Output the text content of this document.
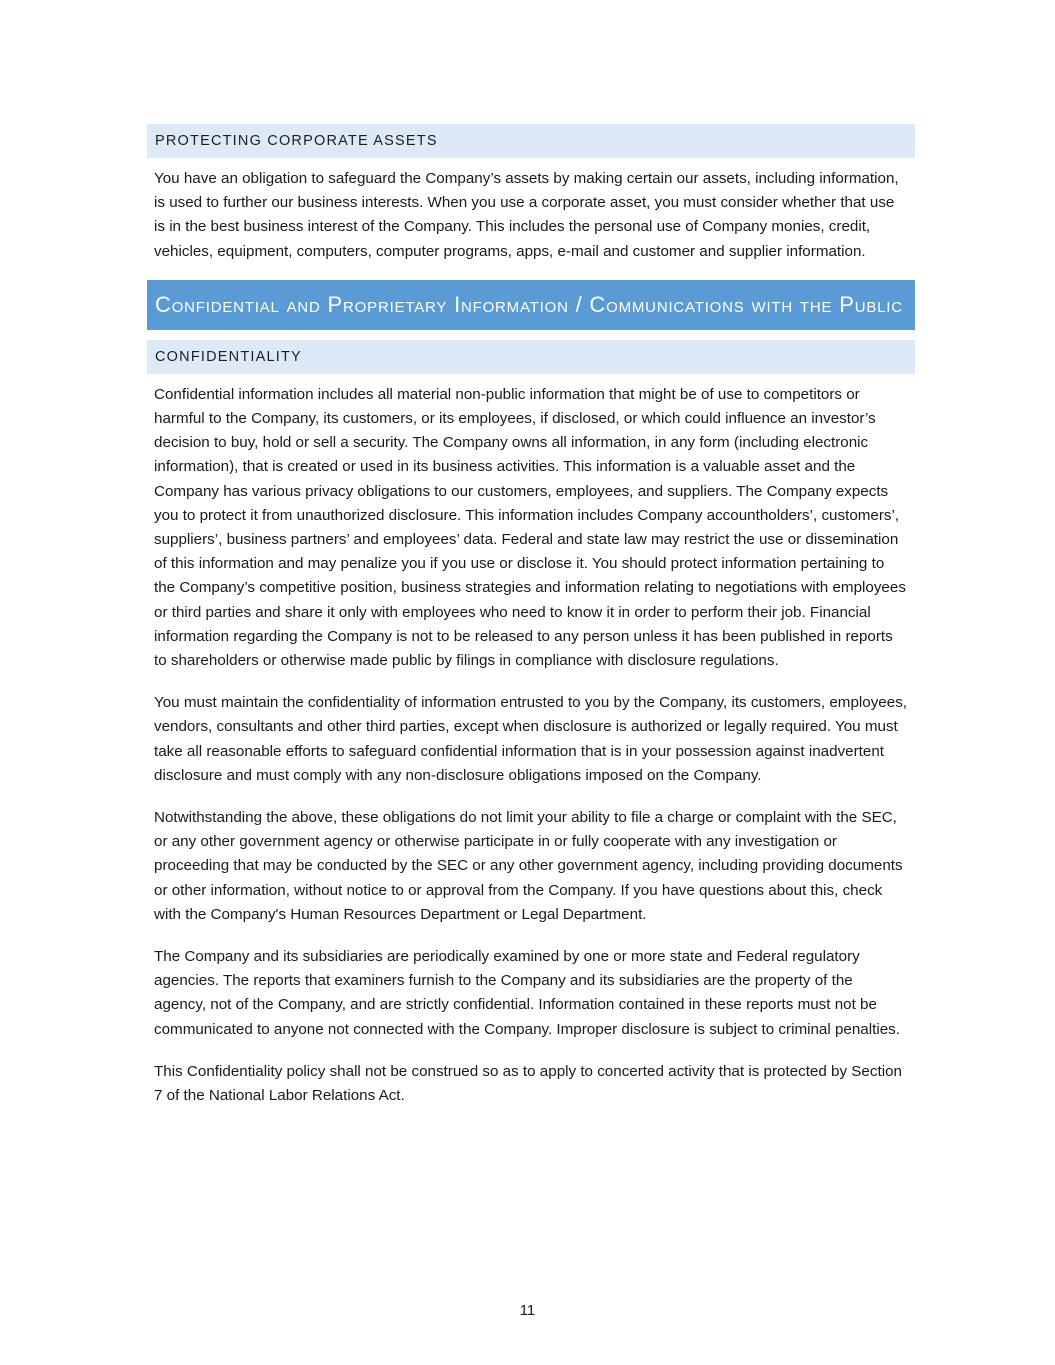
PROTECTING CORPORATE ASSETS

You have an obligation to safeguard the Company’s assets by making certain our assets, including information, is used to further our business interests. When you use a corporate asset, you must consider whether that use is in the best business interest of the Company. This includes the personal use of Company monies, credit, vehicles, equipment, computers, computer programs, apps, e-mail and customer and supplier information.

Confidential and Proprietary Information / Communications with the Public
CONFIDENTIALITY

Confidential information includes all material non-public information that might be of use to competitors or harmful to the Company, its customers, or its employees, if disclosed, or which could influence an investor’s decision to buy, hold or sell a security. The Company owns all information, in any form (including electronic information), that is created or used in its business activities. This information is a valuable asset and the Company has various privacy obligations to our customers, employees, and suppliers. The Company expects you to protect it from unauthorized disclosure. This information includes Company accountholders’, customers’, suppliers’, business partners’ and employees’ data. Federal and state law may restrict the use or dissemination of this information and may penalize you if you use or disclose it. You should protect information pertaining to the Company’s competitive position, business strategies and information relating to negotiations with employees or third parties and share it only with employees who need to know it in order to perform their job. Financial information regarding the Company is not to be released to any person unless it has been published in reports to shareholders or otherwise made public by filings in compliance with disclosure regulations.

You must maintain the confidentiality of information entrusted to you by the Company, its customers, employees, vendors, consultants and other third parties, except when disclosure is authorized or legally required. You must take all reasonable efforts to safeguard confidential information that is in your possession against inadvertent disclosure and must comply with any non-disclosure obligations imposed on the Company.

Notwithstanding the above, these obligations do not limit your ability to file a charge or complaint with the SEC, or any other government agency or otherwise participate in or fully cooperate with any investigation or proceeding that may be conducted by the SEC or any other government agency, including providing documents or other information, without notice to or approval from the Company. If you have questions about this, check with the Company's Human Resources Department or Legal Department.

The Company and its subsidiaries are periodically examined by one or more state and Federal regulatory agencies. The reports that examiners furnish to the Company and its subsidiaries are the property of the agency, not of the Company, and are strictly confidential. Information contained in these reports must not be communicated to anyone not connected with the Company. Improper disclosure is subject to criminal penalties.

This Confidentiality policy shall not be construed so as to apply to concerted activity that is protected by Section 7 of the National Labor Relations Act.

11
